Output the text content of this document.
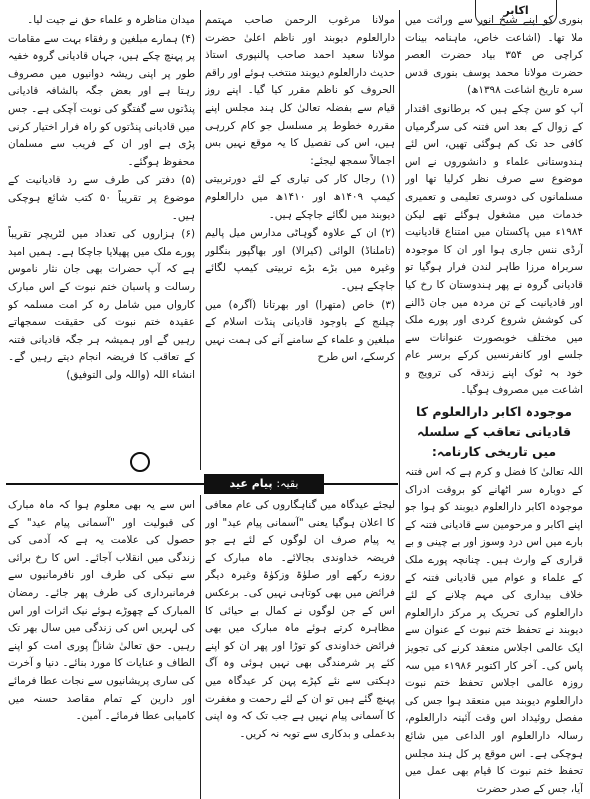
اکابر

بنوری کو اپنے شیخ انور سے وراثت میں ملا تھا۔ (اشاعت خاص، ماہنامہ بینات کراچی ص ۳۵۴ بیاد حضرت العصر حضرت مولانا محمد یوسف بنوری قدس سرہ تاریخ اشاعت ۱۳۹۸ھ)

آپ کو سن چکے ہیں کہ برطانوی اقتدار کے زوال کے بعد اس فتنہ کی سرگرمیاں کافی حد تک کم ہوگئی تھیں، اس لئے ہندوستانی علماء و دانشوروں نے اس موضوع سے صرف نظر کرلیا تھا اور مسلمانوں کی دوسری تعلیمی و تعمیری خدمات میں مشغول ہوگئے تھے لیکن ۱۹۸۴ء میں پاکستان میں امتناع قادیانیت آرڈی ننس جاری ہوا اور ان کا موجودہ سربراہ مرزا طاہر لندن فرار ہوگیا تو قادیانی گروہ نے پھر ہندوستان کا رخ کیا اور قادیانیت کے تن مردہ میں جان ڈالنے کی کوشش شروع کردی اور پورے ملک میں مختلف خوبصورت عنوانات سے جلسے اور کانفرنسیں کرکے برسر عام خود بہ ٹوک اپنے زندقہ کی ترویج و اشاعت میں مصروف ہوگیا۔

موجودہ اکابر دارالعلوم کا قادیانی تعاقب کے سلسلہ میں تاریخی کارنامہ:

اللہ تعالیٰ کا فضل و کرم ہے کہ اس فتنہ کے دوبارہ سر اٹھانے کو بروقت ادراک موجودہ اکابر دارالعلوم دیوبند کو ہوا جو اپنے اکابر و مرحومین سے قادیانی فتنہ کے بارے میں اس درد وسوز اور بے چینی و بے قراری کے وارث ہیں۔ چنانچہ پورے ملک کے علماء و عوام میں قادیانی فتنہ کے خلاف بیداری کی مہم چلانے کے لئے دارالعلوم کی تحریک پر مرکز دارالعلوم دیوبند نے تحفظ ختم نبوت کے عنوان سے ایک عالمی اجلاس منعقد کرنے کی تجویز پاس کی۔ آخر کار اکتوبر ۱۹۸۶ء میں سہ روزہ عالمی اجلاس تحفظ ختم نبوت دارالعلوم دیوبند میں منعقد ہوا جس کی مفصل روئیداد اس وقت آئینہ دارالعلوم، رسالہ دارالعلوم اور الداعی میں شائع ہوچکی ہے۔ اس موقع پر کل ہند مجلس تحفظ ختم نبوت کا قیام بھی عمل میں آیا، جس کے صدر حضرت

مولانا مرغوب الرحمن صاحب مہتمم دارالعلوم دیوبند اور ناظم اعلیٰ حضرت مولانا سعید احمد صاحب پالنپوری استاذ حدیث دارالعلوم دیوبند منتخب ہوئے اور راقم الحروف کو ناظم مقرر کیا گیا۔ اپنے روز قیام سے بفضلہ تعالیٰ کل ہند مجلس اپنے مقررہ خطوط پر مسلسل جو کام کررہی ہیں، اس کی تفصیل کا یہ موقع نہیں بس اجمالاً سمجھ لیجئے:

(۱) رجال کار کی تیاری کے لئے دورتربیتی کیمپ ۱۴۰۹ھ اور ۱۴۱۰ھ میں دارالعلوم دیوبند میں لگائے جاچکے ہیں۔

(۲) ان کے علاوہ گوہاٹی مدارس میل پالیم (تاملناڈ) الوائی (کیرالا) اور بھاگپور بنگلور وغیرہ میں بڑے بڑے تربیتی کیمپ لگائے جاچکے ہیں۔

(۳) خاص (متھرا) اور بھرتانا (آگرہ) میں چیلنج کے باوجود قادیانی پنڈت اسلام کے مبلغین و علماء کے سامنے آنے کی ہمت نہیں کرسکے، اس طرح

میدان مناظرہ و علماء حق نے جیت لیا۔

(۴) ہمارے مبلغین و رفقاء بہت سے مقامات پر پہنچ چکے ہیں، جہاں قادیانی گروہ خفیہ طور پر اپنی ریشہ دوانیوں میں مصروف رہتا ہے اور بعض جگہ بالشافہ قادیانی پنڈتوں سے گفتگو کی نوبت آچکی ہے۔ جس میں قادیانی پنڈتوں کو راہ فرار اختیار کرنی پڑی ہے اور ان کے فریب سے مسلمان محفوظ ہوگئے۔

(۵) دفتر کی طرف سے رد قادیانیت کے موضوع پر تقریباً ۵۰ کتب شائع ہوچکی ہیں۔

(۶) ہزاروں کی تعداد میں لٹریچر تقریباً پورے ملک میں پھیلایا جاچکا ہے۔ ہمیں امید ہے کہ آپ حضرات بھی جان نثار ناموس رسالت و پاسبان ختم نبوت کے اس مبارک کارواں میں شامل رہ کر امت مسلمہ کو عقیدہ ختم نبوت کی حقیقت سمجھاتے رہیں گے اور ہمیشہ ہر جگہ قادیانی فتنہ کے تعاقب کا فریضہ انجام دیتے رہیں گے۔ انشاء اللہ (واللہ ولی التوفیق)

بقیہ: پیام عید

لیجئے عیدگاہ میں گناہگاروں کی عام معافی کا اعلان ہوگیا یعنی "آسمانی پیام عید" اور یہ پیام صرف ان لوگوں کے لئے ہے جو فریضہ خداوندی بجالائے۔ ماہ مبارک کے روزے رکھے اور صلوٰۃ وزکوٰۃ وغیرہ دیگر فرائض میں بھی کوتاہی نہیں کی۔ برعکس اس کے جن لوگوں نے کمال بے حیائی کا مظاہرہ کرتے ہوئے ماہ مبارک میں بھی فرائض خداوندی کو توڑا اور پھر ان کو اپنے کئے پر شرمندگی بھی نہیں ہوئی وہ آگ دہکتی سے نئے کپڑے پہن کر عیدگاہ میں پہنچ گئے ہیں تو ان کے لئے رحمت و مغفرت کا آسمانی پیام نہیں ہے جب تک کہ وہ اپنی بدعملی و بدکاری سے توبہ نہ کریں۔

اس سے یہ بھی معلوم ہوا کہ ماہ مبارک کی قبولیت اور "آسمانی پیام عید" کے حصول کی علامت یہ ہے کہ آدمی کی زندگی میں انقلاب آجائے۔ اس کا رخ برائی سے نیکی کی طرف اور نافرمانیوں سے فرمانبرداری کی طرف پھر جائے۔ رمضان المبارک کے چھوڑے ہوئے نیک اثرات اور اس کی لہریں اس کی زندگی میں سال بھر تک رہیں۔ حق تعالیٰ شانہٗ پوری امت کو اپنے الطاف و عنایات کا مورد بنائے۔ دنیا و آخرت کی ساری پریشانیوں سے نجات عطا فرمائے اور دارین کے تمام مقاصد حسنہ میں کامیابی عطا فرمائے۔ آمین۔
